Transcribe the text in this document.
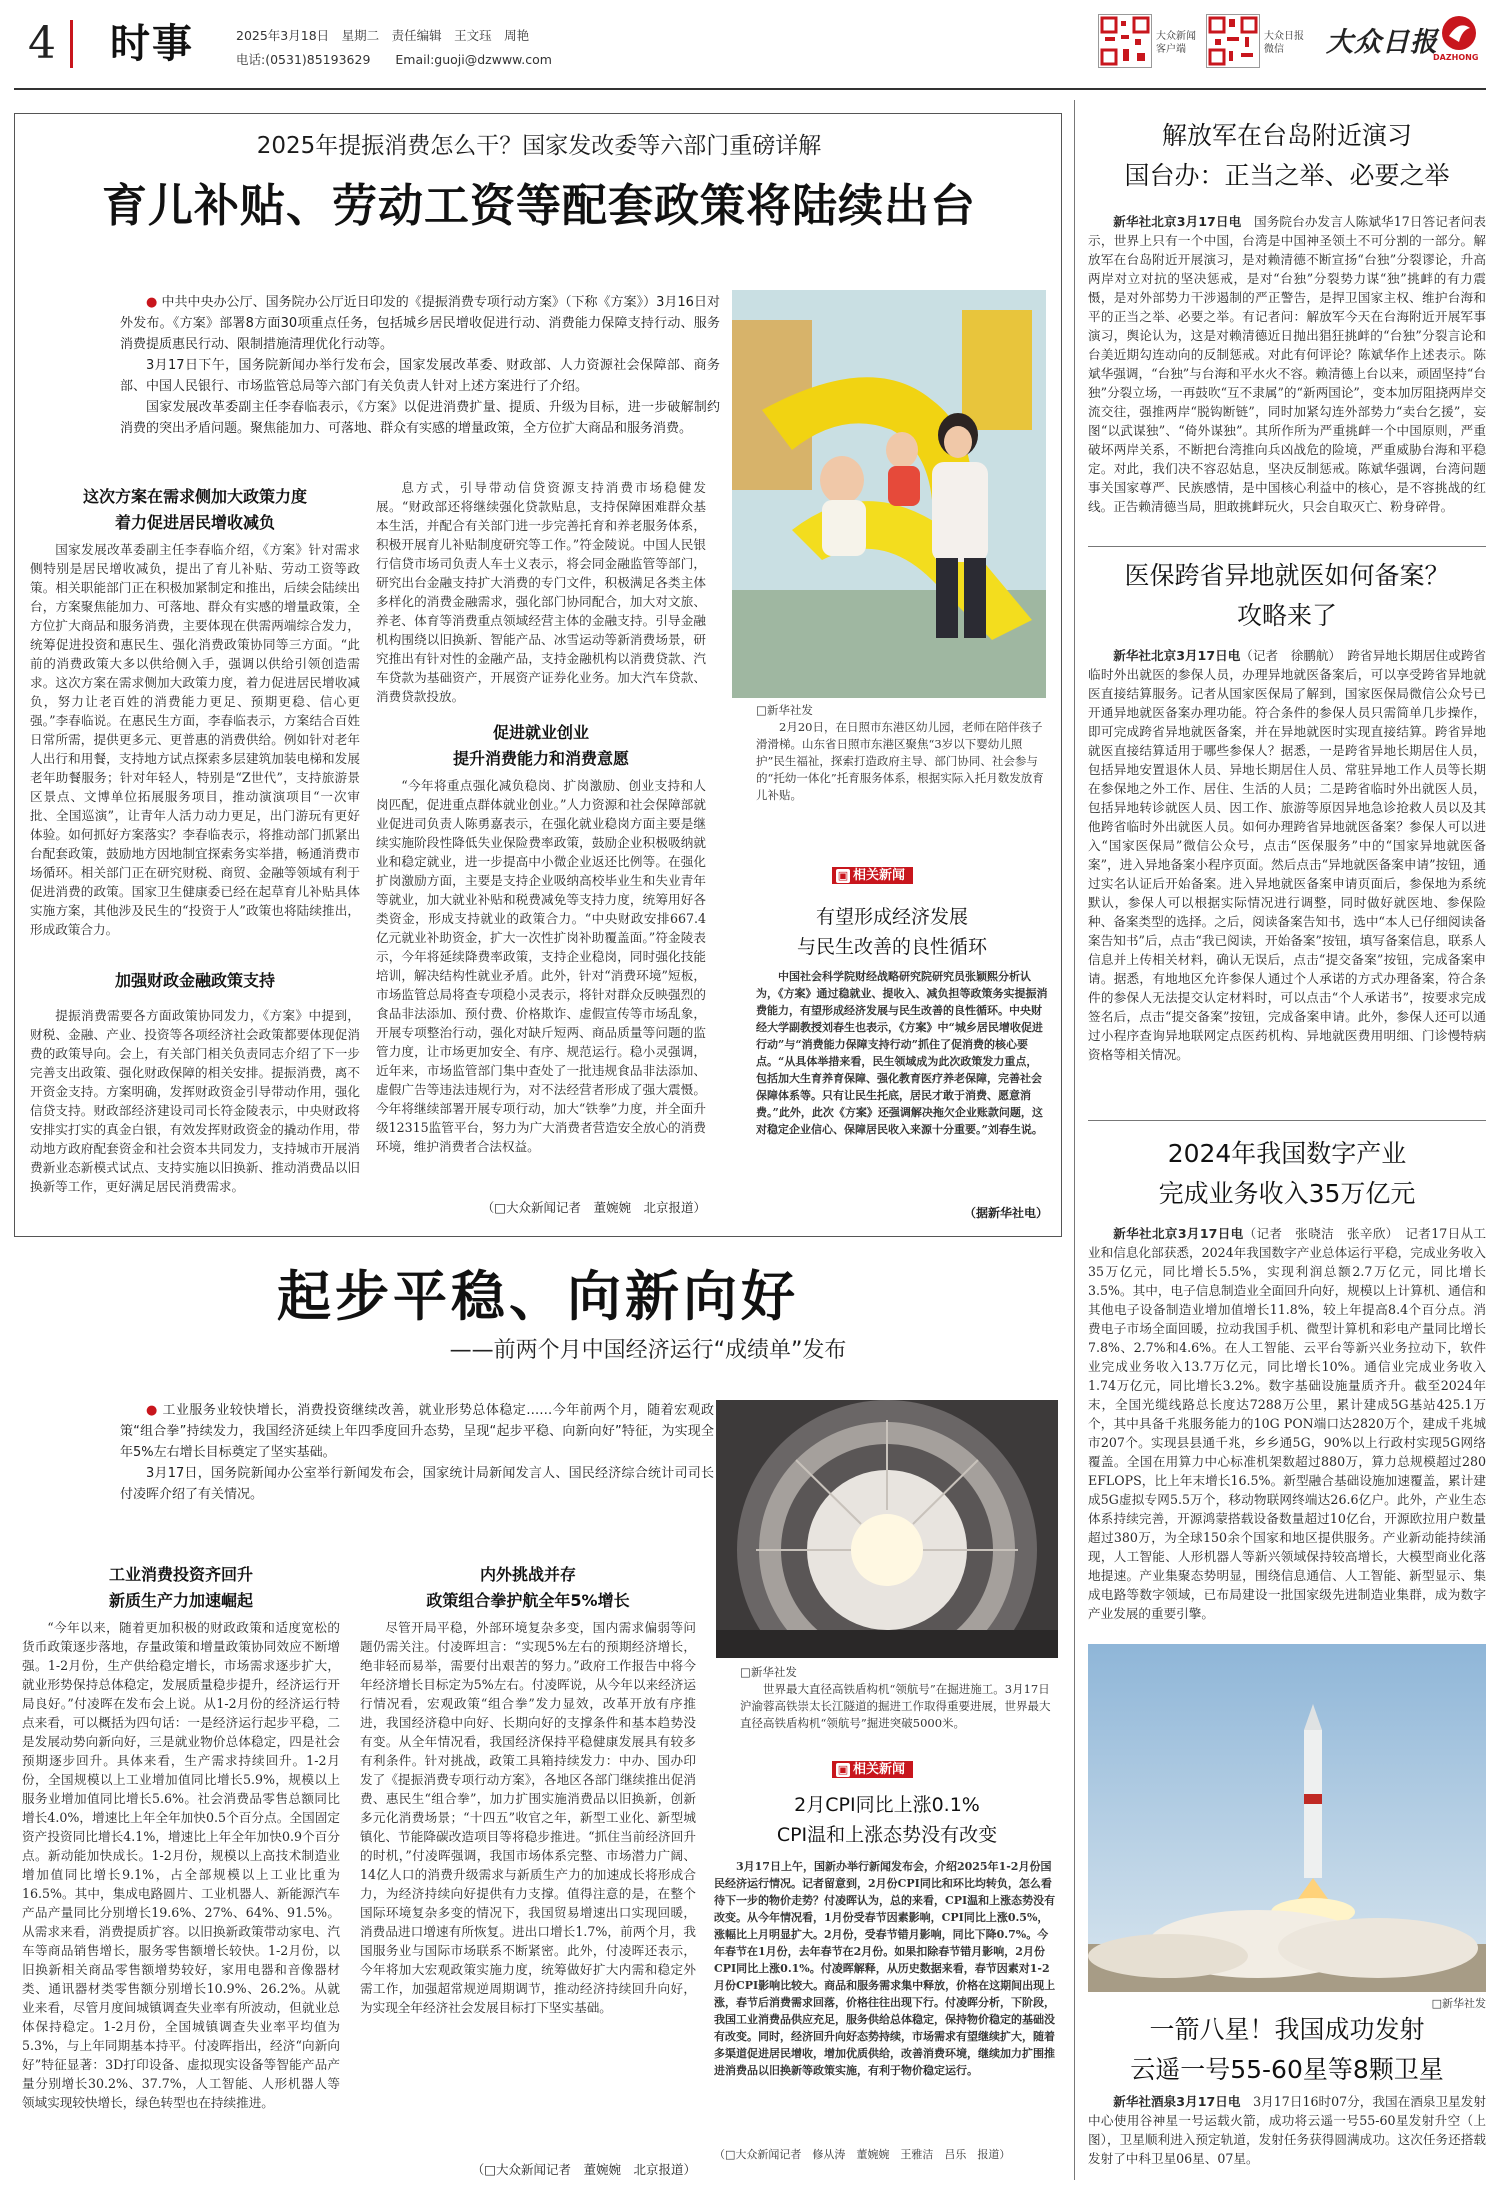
4 时事	2025年3月18日　星期二　责任编辑　王文珏　周艳
电话:(0531)85193629　　Email:guoji@dzwww.com
大众新闻
客户端
大众日报
微信	大众日报
DAZHONG
2025年提振消费怎么干？国家发改委等六部门重磅详解
育儿补贴、劳动工资等配套政策将陆续出台

● 中共中央办公厅、国务院办公厅近日印发的《提振消费专项行动方案》（下称《方案》）3月16日对外发布。《方案》部署8方面30项重点任务，包括城乡居民增收促进行动、消费能力保障支持行动、服务消费提质惠民行动、限制措施清理优化行动等。

3月17日下午，国务院新闻办举行发布会，国家发展改革委、财政部、人力资源社会保障部、商务部、中国人民银行、市场监管总局等六部门有关负责人针对上述方案进行了介绍。

国家发展改革委副主任李春临表示，《方案》以促进消费扩量、提质、升级为目标，进一步破解制约消费的突出矛盾问题。聚焦能加力、可落地、群众有实感的增量政策，全方位扩大商品和服务消费。

这次方案在需求侧加大政策力度
着力促进居民增收减负

国家发展改革委副主任李春临介绍，《方案》针对需求侧特别是居民增收减负，提出了育儿补贴、劳动工资等政策。相关职能部门正在积极加紧制定和推出，后续会陆续出台，方案聚焦能加力、可落地、群众有实感的增量政策，全方位扩大商品和服务消费，主要体现在供需两端综合发力，统筹促进投资和惠民生、强化消费政策协同等三方面。“此前的消费政策大多以供给侧入手，强调以供给引领创造需求。这次方案在需求侧加大政策力度，着力促进居民增收减负，努力让老百姓的消费能力更足、预期更稳、信心更强。”李春临说。在惠民生方面，李春临表示，方案结合百姓日常所需，提供更多元、更普惠的消费供给。例如针对老年人出行和用餐，支持地方试点探索多层建筑加装电梯和发展老年助餐服务；针对年轻人，特别是“Z世代”，支持旅游景区景点、文博单位拓展服务项目，推动演演项目“一次审批、全国巡演”，让青年人活力动力更足，出门游玩有更好体验。如何抓好方案落实？李春临表示，将推动部门抓紧出台配套政策，鼓励地方因地制宜探索务实举措，畅通消费市场循环。相关部门正在研究财税、商贸、金融等领域有利于促进消费的政策。国家卫生健康委已经在起草育儿补贴具体实施方案，其他涉及民生的“投资于人”政策也将陆续推出，形成政策合力。

加强财政金融政策支持

提振消费需要各方面政策协同发力，《方案》中提到，财税、金融、产业、投资等各项经济社会政策都要体现促消费的政策导向。会上，有关部门相关负责同志介绍了下一步完善支出政策、强化财政保障的相关安排。提振消费，离不开资金支持。方案明确，发挥财政资金引导带动作用，强化信贷支持。财政部经济建设司司长符金陵表示，中央财政将安排实打实的真金白银，有效发挥财政资金的撬动作用，带动地方政府配套资金和社会资本共同发力，支持城市开展消费新业态新模式试点、支持实施以旧换新、推动消费品以旧换新等工作，更好满足居民消费需求。

息方式，引导带动信贷资源支持消费市场稳健发展。“财政部还将继续强化贷款贴息，支持保障困难群众基本生活，并配合有关部门进一步完善托育和养老服务体系，积极开展育儿补贴制度研究等工作。”符金陵说。中国人民银行信贷市场司负责人车士义表示，将会同金融监管等部门，研究出台金融支持扩大消费的专门文件，积极满足各类主体多样化的消费金融需求，强化部门协同配合，加大对文旅、养老、体育等消费重点领域经营主体的金融支持。引导金融机构围绕以旧换新、智能产品、冰雪运动等新消费场景，研究推出有针对性的金融产品，支持金融机构以消费贷款、汽车贷款为基础资产，开展资产证券化业务。加大汽车贷款、消费贷款投放。

促进就业创业
提升消费能力和消费意愿

“今年将重点强化减负稳岗、扩岗激励、创业支持和人岗匹配，促进重点群体就业创业。”人力资源和社会保障部就业促进司负责人陈勇嘉表示，在强化就业稳岗方面主要是继续实施阶段性降低失业保险费率政策，鼓励企业积极吸纳就业和稳定就业，进一步提高中小微企业返还比例等。在强化扩岗激励方面，主要是支持企业吸纳高校毕业生和失业青年等就业，加大就业补贴和税费减免等支持力度，统筹用好各类资金，形成支持就业的政策合力。“中央财政安排667.4亿元就业补助资金，扩大一次性扩岗补助覆盖面。”符金陵表示，今年将延续降费率政策，支持企业稳岗，同时强化技能培训，解决结构性就业矛盾。此外，针对“消费环境”短板，市场监管总局将查专项稳小灵表示，将针对群众反映强烈的食品非法添加、预付费、价格欺诈、虚假宣传等市场乱象，开展专项整治行动，强化对缺斤短两、商品质量等问题的监管力度，让市场更加安全、有序、规范运行。稳小灵强调，近年来，市场监管部门集中查处了一批违规食品非法添加、虚假广告等违法违规行为，对不法经营者形成了强大震慑。今年将继续部署开展专项行动，加大“铁拳”力度，并全面升级12315监管平台，努力为广大消费者营造安全放心的消费环境，维护消费者合法权益。

（□大众新闻记者　董婉婉　北京报道）
□新华社发
2月20日，在日照市东港区幼儿园，老师在陪伴孩子滑滑梯。山东省日照市东港区聚焦“3岁以下婴幼儿照护”民生福祉，探索打造政府主导、部门协同、社会参与的“托幼一体化”托育服务体系，根据实际入托月数发放育儿补贴。
▣ 相关新闻
有望形成经济发展
与民生改善的良性循环
中国社会科学院财经战略研究院研究员张颖熙分析认为，《方案》通过稳就业、提收入、减负担等政策务实提振消费能力，有望形成经济发展与民生改善的良性循环。中央财经大学副教授刘春生也表示，《方案》中“城乡居民增收促进行动”与“消费能力保障支持行动”抓住了促消费的核心要点。“从具体举措来看，民生领域成为此次政策发力重点，包括加大生育养育保障、强化教育医疗养老保障，完善社会保障体系等。只有让民生托底，居民才敢于消费、愿意消费。”此外，此次《方案》还强调解决拖欠企业账款问题，这对稳定企业信心、保障居民收入来源十分重要。”刘春生说。
（据新华社电）
起步平稳、向新向好
——前两个月中国经济运行“成绩单”发布

● 工业服务业较快增长，消费投资继续改善，就业形势总体稳定……今年前两个月，随着宏观政策“组合拳”持续发力，我国经济延续上年四季度回升态势，呈现“起步平稳、向新向好”特征，为实现全年5%左右增长目标奠定了坚实基础。

3月17日，国务院新闻办公室举行新闻发布会，国家统计局新闻发言人、国民经济综合统计司司长付凌晖介绍了有关情况。

工业消费投资齐回升
新质生产力加速崛起

“今年以来，随着更加积极的财政政策和适度宽松的货币政策逐步落地，存量政策和增量政策协同效应不断增强。1-2月份，生产供给稳定增长，市场需求逐步扩大，就业形势保持总体稳定，发展质量稳步提升，经济运行开局良好。”付凌晖在发布会上说。从1-2月份的经济运行特点来看，可以概括为四句话：一是经济运行起步平稳，二是发展动势向新向好，三是就业物价总体稳定，四是社会预期逐步回升。具体来看，生产需求持续回升。1-2月份，全国规模以上工业增加值同比增长5.9%，规模以上服务业增加值同比增长5.6%。社会消费品零售总额同比增长4.0%，增速比上年全年加快0.5个百分点。全国固定资产投资同比增长4.1%，增速比上年全年加快0.9个百分点。新动能加快成长。1-2月份，规模以上高技术制造业增加值同比增长9.1%，占全部规模以上工业比重为16.5%。其中，集成电路圆片、工业机器人、新能源汽车产品产量同比分别增长19.6%、27%、64%、91.5%。从需求来看，消费提质扩容。以旧换新政策带动家电、汽车等商品销售增长，服务零售额增长较快。1-2月份，以旧换新相关商品零售额增势较好，家用电器和音像器材类、通讯器材类零售额分别增长10.9%、26.2%。从就业来看，尽管月度间城镇调查失业率有所波动，但就业总体保持稳定。1-2月份，全国城镇调查失业率平均值为5.3%，与上年同期基本持平。付凌晖指出，经济“向新向好”特征显著：3D打印设备、虚拟现实设备等智能产品产量分别增长30.2%、37.7%，人工智能、人形机器人等领域实现较快增长，绿色转型也在持续推进。

内外挑战并存
政策组合拳护航全年5%增长

尽管开局平稳，外部环境复杂多变，国内需求偏弱等问题仍需关注。付凌晖坦言：“实现5%左右的预期经济增长，绝非轻而易举，需要付出艰苦的努力。”政府工作报告中将今年经济增长目标定为5%左右。付凌晖说，从今年以来经济运行情况看，宏观政策“组合拳”发力显效，改革开放有序推进，我国经济稳中向好、长期向好的支撑条件和基本趋势没有变。从全年情况看，我国经济保持平稳健康发展具有较多有利条件。针对挑战，政策工具箱持续发力：中办、国办印发了《提振消费专项行动方案》，各地区各部门继续推出促消费、惠民生“组合拳”，加力扩围实施消费品以旧换新，创新多元化消费场景；“十四五”收官之年，新型工业化、新型城镇化、节能降碳改造项目等将稳步推进。“抓住当前经济回升的时机，”付凌晖强调，我国市场体系完整、市场潜力广阔、14亿人口的消费升级需求与新质生产力的加速成长将形成合力，为经济持续向好提供有力支撑。值得注意的是，在整个国际环境复杂多变的情况下，我国贸易增速出口实现回暖，消费品进口增速有所恢复。进出口增长1.7%，前两个月，我国服务业与国际市场联系不断紧密。此外，付凌晖还表示，今年将加大宏观政策实施力度，统筹做好扩大内需和稳定外需工作，加强超常规逆周期调节，推动经济持续回升向好，为实现全年经济社会发展目标打下坚实基础。

（□大众新闻记者　董婉婉　北京报道）
□新华社发
世界最大直径高铁盾构机“领航号”在掘进施工。3月17日沪渝蓉高铁崇太长江隧道的掘进工作取得重要进展，世界最大直径高铁盾构机“领航号”掘进突破5000米。
▣ 相关新闻
2月CPI同比上涨0.1%
CPI温和上涨态势没有改变
3月17日上午，国新办举行新闻发布会，介绍2025年1-2月份国民经济运行情况。记者留意到，2月份CPI同比和环比均转负，怎么看待下一步的物价走势？付凌晖认为，总的来看，CPI温和上涨态势没有改变。从今年情况看，1月份受春节因素影响，CPI同比上涨0.5%，涨幅比上月明显扩大。2月份，受春节错月影响，同比下降0.7%。今年春节在1月份，去年春节在2月份。如果扣除春节错月影响，2月份CPI同比上涨0.1%。付凌晖解释，从历史数据来看，春节因素对1-2月份CPI影响比较大。商品和服务需求集中释放，价格在这期间出现上涨，春节后消费需求回落，价格往往出现下行。付凌晖分析，下阶段，我国工业消费品供应充足，服务供给总体稳定，保持物价稳定的基础没有改变。同时，经济回升向好态势持续，市场需求有望继续扩大，随着多渠道促进居民增收，增加优质供给，改善消费环境，继续加力扩围推进消费品以旧换新等政策实施，有利于物价稳定运行。
（□大众新闻记者　修从涛　董婉婉　王雅洁　吕乐　报道）
解放军在台岛附近演习
国台办：正当之举、必要之举

新华社北京3月17日电　 国务院台办发言人陈斌华17日答记者问表示，世界上只有一个中国，台湾是中国神圣领土不可分割的一部分。解放军在台岛附近开展演习，是对赖清德不断宣扬“台独”分裂谬论，升高两岸对立对抗的坚决惩戒，是对“台独”分裂势力谋“独”挑衅的有力震慑，是对外部势力干涉遏制的严正警告，是捍卫国家主权、维护台海和平的正当之举、必要之举。有记者问：解放军今天在台海附近开展军事演习，舆论认为，这是对赖清德近日抛出猖狂挑衅的“台独”分裂言论和台美近期勾连动向的反制惩戒。对此有何评论？陈斌华作上述表示。陈斌华强调，“台独”与台海和平水火不容。赖清德上台以来，顽固坚持“台独”分裂立场，一再鼓吹“互不隶属”的“新两国论”，变本加厉阻挠两岸交流交往，强推两岸“脱钩断链”，同时加紧勾连外部势力“卖台乞援”，妄图“以武谋独”、“倚外谋独”。其所作所为严重挑衅一个中国原则，严重破坏两岸关系，不断把台湾推向兵凶战危的险境，严重威胁台海和平稳定。对此，我们决不容忍姑息，坚决反制惩戒。陈斌华强调，台湾问题事关国家尊严、民族感情，是中国核心利益中的核心，是不容挑战的红线。正告赖清德当局，胆敢挑衅玩火，只会自取灭亡、粉身碎骨。

医保跨省异地就医如何备案？
攻略来了

新华社北京3月17日电（记者　徐鹏航）　 跨省异地长期居住或跨省临时外出就医的参保人员，办理异地就医备案后，可以享受跨省异地就医直接结算服务。记者从国家医保局了解到，国家医保局微信公众号已开通异地就医备案办理功能。符合条件的参保人员只需简单几步操作，即可完成跨省异地就医备案，并在异地就医时实现直接结算。跨省异地就医直接结算适用于哪些参保人？据悉，一是跨省异地长期居住人员，包括异地安置退休人员、异地长期居住人员、常驻异地工作人员等长期在参保地之外工作、居住、生活的人员；二是跨省临时外出就医人员，包括异地转诊就医人员、因工作、旅游等原因异地急诊抢救人员以及其他跨省临时外出就医人员。如何办理跨省异地就医备案？参保人可以进入“国家医保局”微信公众号，点击“医保服务”中的“国家异地就医备案”，进入异地备案小程序页面。然后点击“异地就医备案申请”按钮，通过实名认证后开始备案。进入异地就医备案申请页面后，参保地为系统默认，参保人可以根据实际情况进行调整，同时做好就医地、参保险种、备案类型的选择。之后，阅读备案告知书，选中“本人已仔细阅读备案告知书”后，点击“我已阅读，开始备案”按钮，填写备案信息，联系人信息并上传相关材料，确认无误后，点击“提交备案”按钮，完成备案申请。据悉，有地地区允许参保人通过个人承诺的方式办理备案，符合条件的参保人无法提交认定材料时，可以点击“个人承诺书”，按要求完成签名后，点击“提交备案”按钮，完成备案申请。此外，参保人还可以通过小程序查询异地联网定点医药机构、异地就医费用明细、门诊慢特病资格等相关情况。

2024年我国数字产业
完成业务收入35万亿元

新华社北京3月17日电（记者　张晓洁　张辛欣）　 记者17日从工业和信息化部获悉，2024年我国数字产业总体运行平稳，完成业务收入35万亿元，同比增长5.5%，实现利润总额2.7万亿元，同比增长3.5%。其中，电子信息制造业全面回升向好，规模以上计算机、通信和其他电子设备制造业增加值增长11.8%，较上年提高8.4个百分点。消费电子市场全面回暖，拉动我国手机、微型计算机和彩电产量同比增长7.8%、2.7%和4.6%。在人工智能、云平台等新兴业务拉动下，软件业完成业务收入13.7万亿元，同比增长10%。通信业完成业务收入1.74万亿元，同比增长3.2%。数字基础设施量质齐升。截至2024年末，全国光缆线路总长度达7288万公里，累计建成5G基站425.1万个，其中具备千兆服务能力的10G PON端口达2820万个，建成千兆城市207个。实现县县通千兆，乡乡通5G，90%以上行政村实现5G网络覆盖。全国在用算力中心标准机架数超过880万，算力总规模超过280 EFLOPS，比上年末增长16.5%。新型融合基础设施加速覆盖，累计建成5G虚拟专网5.5万个，移动物联网终端达26.6亿户。此外，产业生态体系持续完善，开源鸿蒙搭载设备数量超过10亿台，开源欧拉用户数量超过380万，为全球150余个国家和地区提供服务。产业新动能持续涌现，人工智能、人形机器人等新兴领域保持较高增长，大模型商业化落地提速。产业集聚态势明显，围绕信息通信、人工智能、新型显示、集成电路等数字领域，已布局建设一批国家级先进制造业集群，成为数字产业发展的重要引擎。

□新华社发
一箭八星！我国成功发射
云遥一号55-60星等8颗卫星

新华社酒泉3月17日电　 3月17日16时07分，我国在酒泉卫星发射中心使用谷神星一号运载火箭，成功将云遥一号55-60星发射升空（上图），卫星顺利进入预定轨道，发射任务获得圆满成功。这次任务还搭载发射了中科卫星06星、07星。
